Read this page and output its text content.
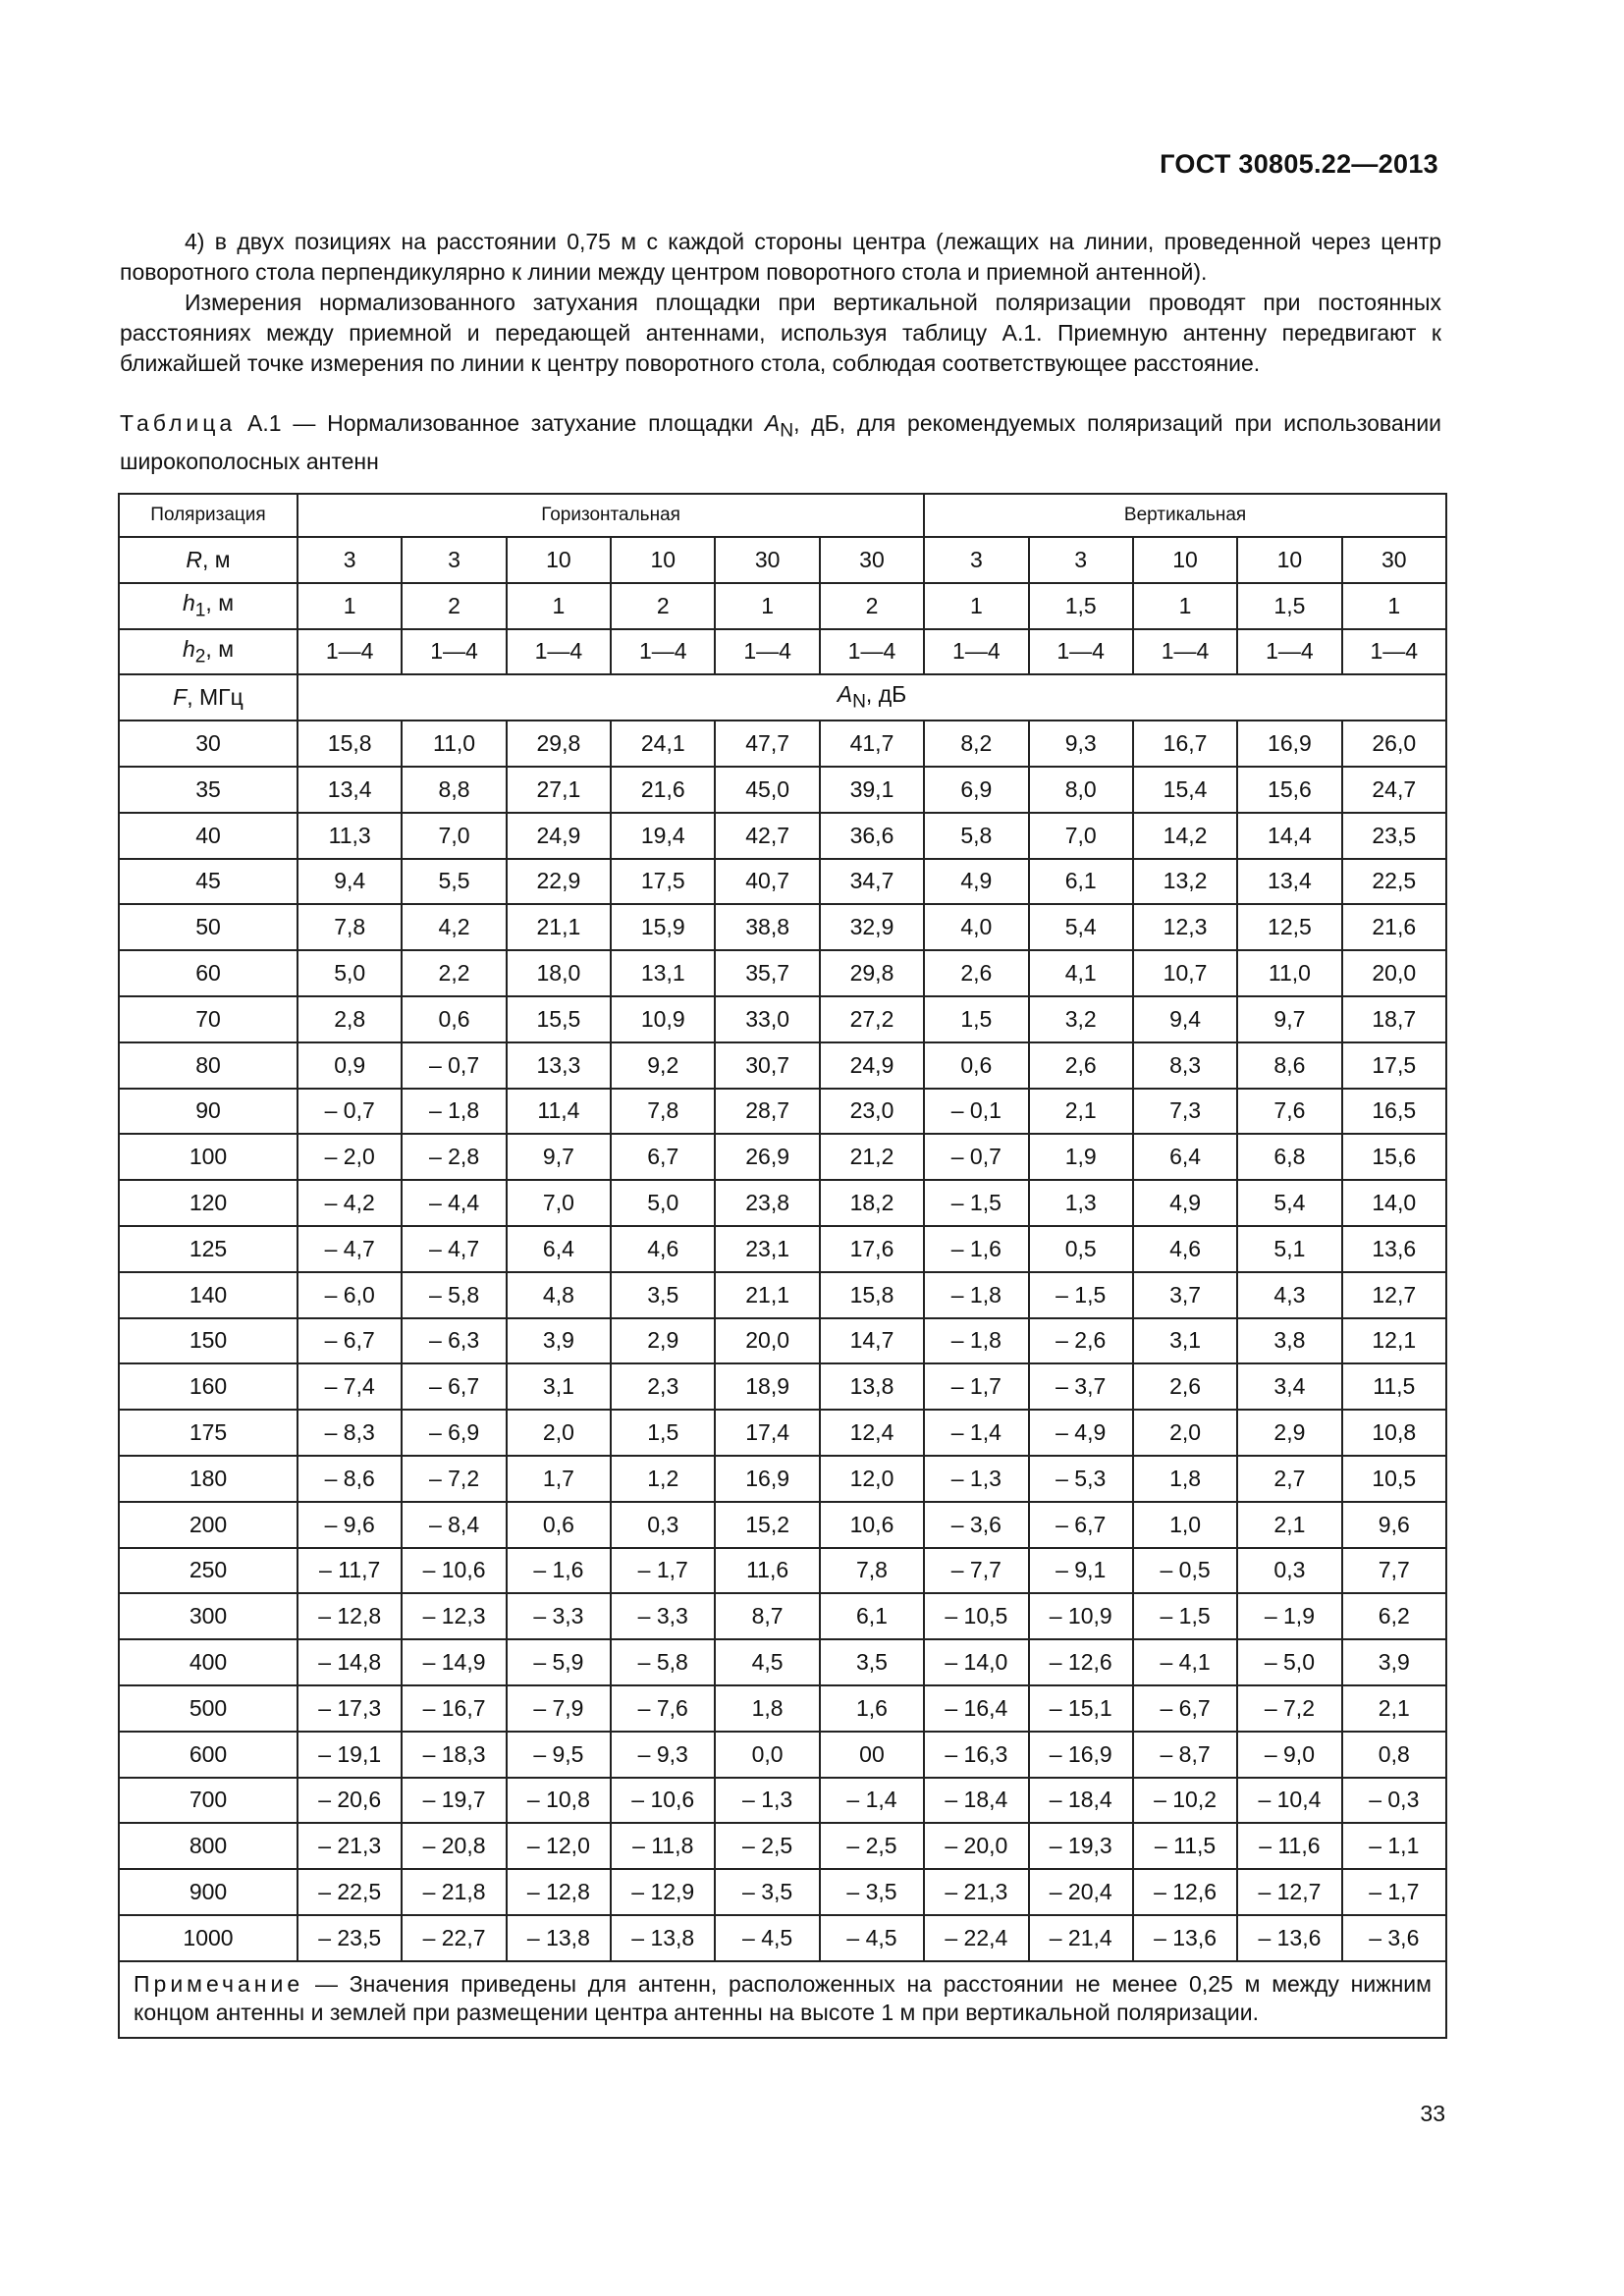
ГОСТ 30805.22—2013

4) в двух позициях на расстоянии 0,75 м с каждой стороны центра (лежащих на линии, проведенной через центр поворотного стола перпендикулярно к линии между центром поворотного стола и приемной антенной).

Измерения нормализованного затухания площадки при вертикальной поляризации проводят при постоянных расстояниях между приемной и передающей антеннами, используя таблицу А.1. Приемную антенну передвигают к ближайшей точке измерения по линии к центру поворотного стола, соблюдая соответствующее расстояние.

Таблица А.1 — Нормализованное затухание площадки $A_N$, дБ, для рекомендуемых поляризаций при использовании широкополосных антенн
Поляризация	Горизонтальная						Вертикальная				
R, м	3	3	10	10	30	30	3	3	10	10	30
$h_1$, м	1	2	1	2	1	2	1	1,5	1	1,5	1
$h_2$, м	1—4	1—4	1—4	1—4	1—4	1—4	1—4	1—4	1—4	1—4	1—4
F, МГц	$A_N$, дБ										
30	15,8	11,0	29,8	24,1	47,7	41,7	8,2	9,3	16,7	16,9	26,0
35	13,4	8,8	27,1	21,6	45,0	39,1	6,9	8,0	15,4	15,6	24,7
40	11,3	7,0	24,9	19,4	42,7	36,6	5,8	7,0	14,2	14,4	23,5
45	9,4	5,5	22,9	17,5	40,7	34,7	4,9	6,1	13,2	13,4	22,5
50	7,8	4,2	21,1	15,9	38,8	32,9	4,0	5,4	12,3	12,5	21,6
60	5,0	2,2	18,0	13,1	35,7	29,8	2,6	4,1	10,7	11,0	20,0
70	2,8	0,6	15,5	10,9	33,0	27,2	1,5	3,2	9,4	9,7	18,7
80	0,9	– 0,7	13,3	9,2	30,7	24,9	0,6	2,6	8,3	8,6	17,5
90	– 0,7	– 1,8	11,4	7,8	28,7	23,0	– 0,1	2,1	7,3	7,6	16,5
100	– 2,0	– 2,8	9,7	6,7	26,9	21,2	– 0,7	1,9	6,4	6,8	15,6
120	– 4,2	– 4,4	7,0	5,0	23,8	18,2	– 1,5	1,3	4,9	5,4	14,0
125	– 4,7	– 4,7	6,4	4,6	23,1	17,6	– 1,6	0,5	4,6	5,1	13,6
140	– 6,0	– 5,8	4,8	3,5	21,1	15,8	– 1,8	– 1,5	3,7	4,3	12,7
150	– 6,7	– 6,3	3,9	2,9	20,0	14,7	– 1,8	– 2,6	3,1	3,8	12,1
160	– 7,4	– 6,7	3,1	2,3	18,9	13,8	– 1,7	– 3,7	2,6	3,4	11,5
175	– 8,3	– 6,9	2,0	1,5	17,4	12,4	– 1,4	– 4,9	2,0	2,9	10,8
180	– 8,6	– 7,2	1,7	1,2	16,9	12,0	– 1,3	– 5,3	1,8	2,7	10,5
200	– 9,6	– 8,4	0,6	0,3	15,2	10,6	– 3,6	– 6,7	1,0	2,1	9,6
250	– 11,7	– 10,6	– 1,6	– 1,7	11,6	7,8	– 7,7	– 9,1	– 0,5	0,3	7,7
300	– 12,8	– 12,3	– 3,3	– 3,3	8,7	6,1	– 10,5	– 10,9	– 1,5	– 1,9	6,2
400	– 14,8	– 14,9	– 5,9	– 5,8	4,5	3,5	– 14,0	– 12,6	– 4,1	– 5,0	3,9
500	– 17,3	– 16,7	– 7,9	– 7,6	1,8	1,6	– 16,4	– 15,1	– 6,7	– 7,2	2,1
600	– 19,1	– 18,3	– 9,5	– 9,3	0,0	00	– 16,3	– 16,9	– 8,7	– 9,0	0,8
700	– 20,6	– 19,7	– 10,8	– 10,6	– 1,3	– 1,4	– 18,4	– 18,4	– 10,2	– 10,4	– 0,3
800	– 21,3	– 20,8	– 12,0	– 11,8	– 2,5	– 2,5	– 20,0	– 19,3	– 11,5	– 11,6	– 1,1
900	– 22,5	– 21,8	– 12,8	– 12,9	– 3,5	– 3,5	– 21,3	– 20,4	– 12,6	– 12,7	– 1,7
1000	– 23,5	– 22,7	– 13,8	– 13,8	– 4,5	– 4,5	– 22,4	– 21,4	– 13,6	– 13,6	– 3,6
Примечание — Значения приведены для антенн, расположенных на расстоянии не менее 0,25 м между нижним концом антенны и землей при размещении центра антенны на высоте 1 м при вертикальной поляризации.											
33
